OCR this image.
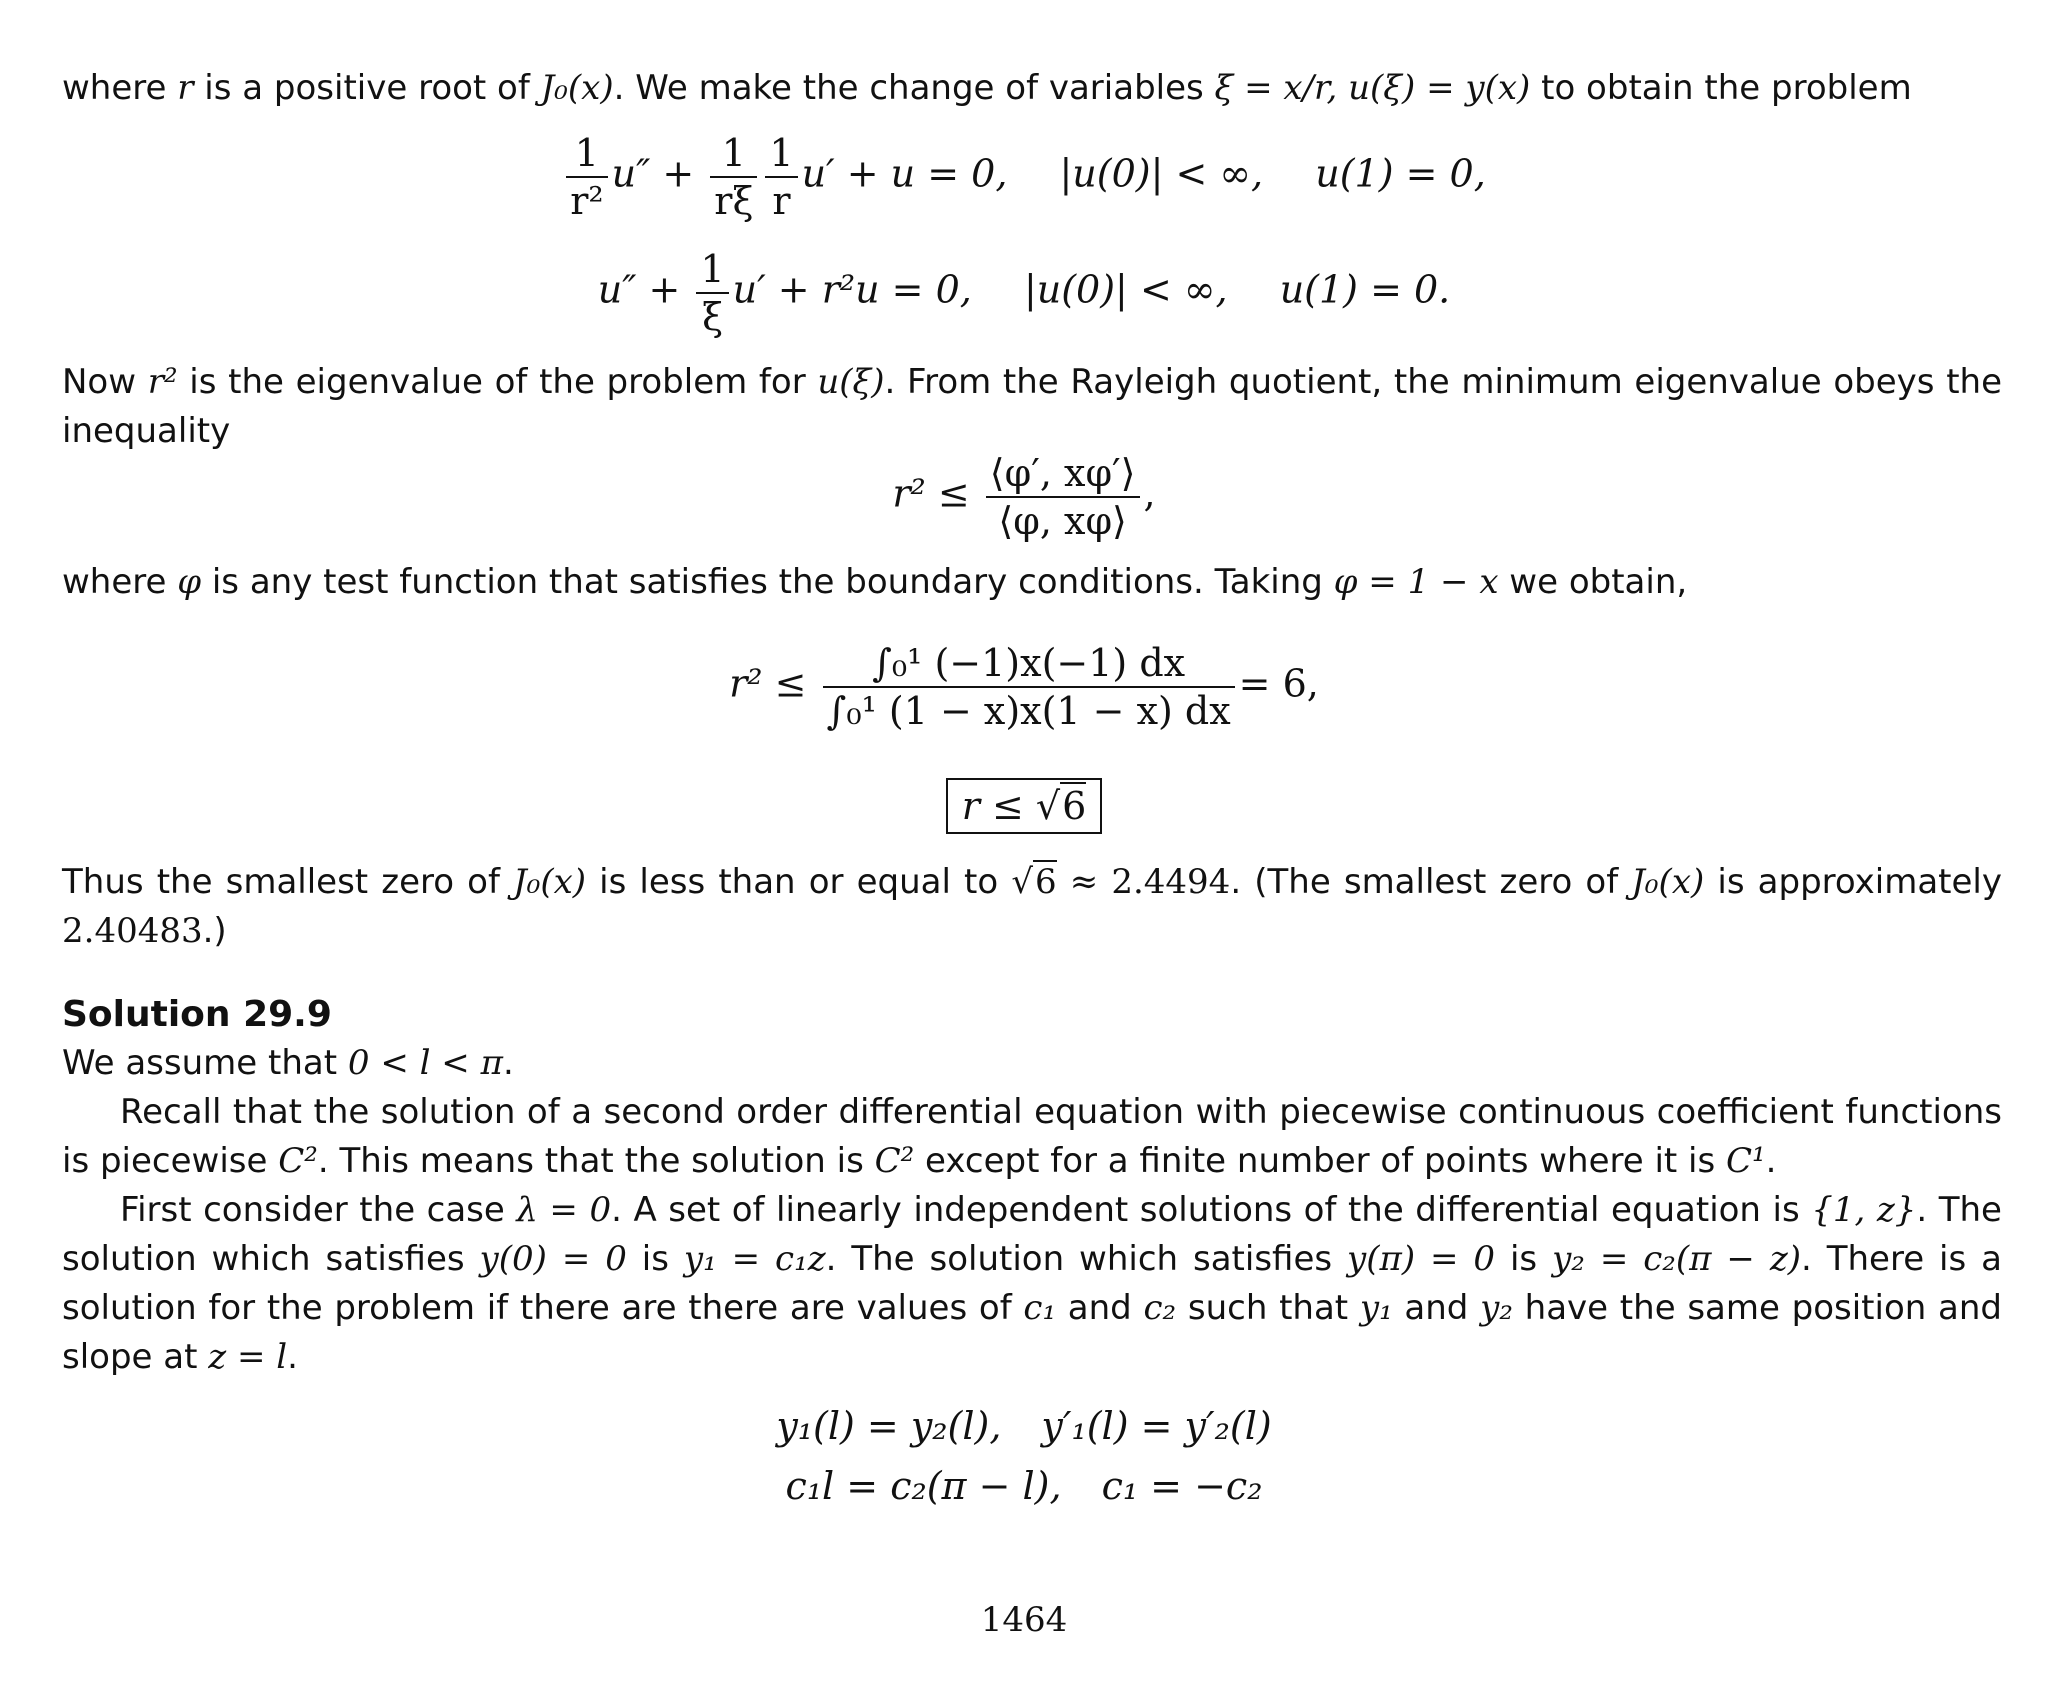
where r is a positive root of J₀(x). We make the change of variables ξ = x/r, u(ξ) = y(x) to obtain the problem

$\frac{1}{\text{r²}} u'' + \frac{1}{r\xi} \frac{1}{r} u' + u = 0$, |u(0)| < ∞, u(1) = 0,
$u'' + \frac{1}{\xi} u' + r^2u = 0$, |u(0)| < ∞, u(1) = 0.

Now r² is the eigenvalue of the problem for u(ξ). From the Rayleigh quotient, the minimum eigenvalue obeys the inequality

$r^2 \le \frac{⟨\varphi', x\varphi'⟩}{⟨\varphi, x\varphi⟩}$ ,

where φ is any test function that satisfies the boundary conditions. Taking φ = 1 − x we obtain,

$r^2 \le \frac{\text{∫₀¹ (−1)x(−1) dx}}{\text{∫₀¹ (1 − x)x(1 − x) dx}} = 6$,
r ≤ √6

Thus the smallest zero of J₀(x) is less than or equal to √6 ≈ 2.4494. (The smallest zero of J₀(x) is approximately 2.40483.)

Solution 29.9

We assume that 0 < l < π.

Recall that the solution of a second order differential equation with piecewise continuous coefficient functions is piecewise C². This means that the solution is C² except for a finite number of points where it is C¹.

First consider the case λ = 0. A set of linearly independent solutions of the differential equation is {1, z}. The solution which satisfies y(0) = 0 is y₁ = c₁z. The solution which satisfies y(π) = 0 is y₂ = c₂(π − z). There is a solution for the problem if there are there are values of c₁ and c₂ such that y₁ and y₂ have the same position and slope at z = l.

y₁(l) = y₂(l), y′₁(l) = y′₂(l)
c₁l = c₂(π − l), c₁ = −c₂
1464
